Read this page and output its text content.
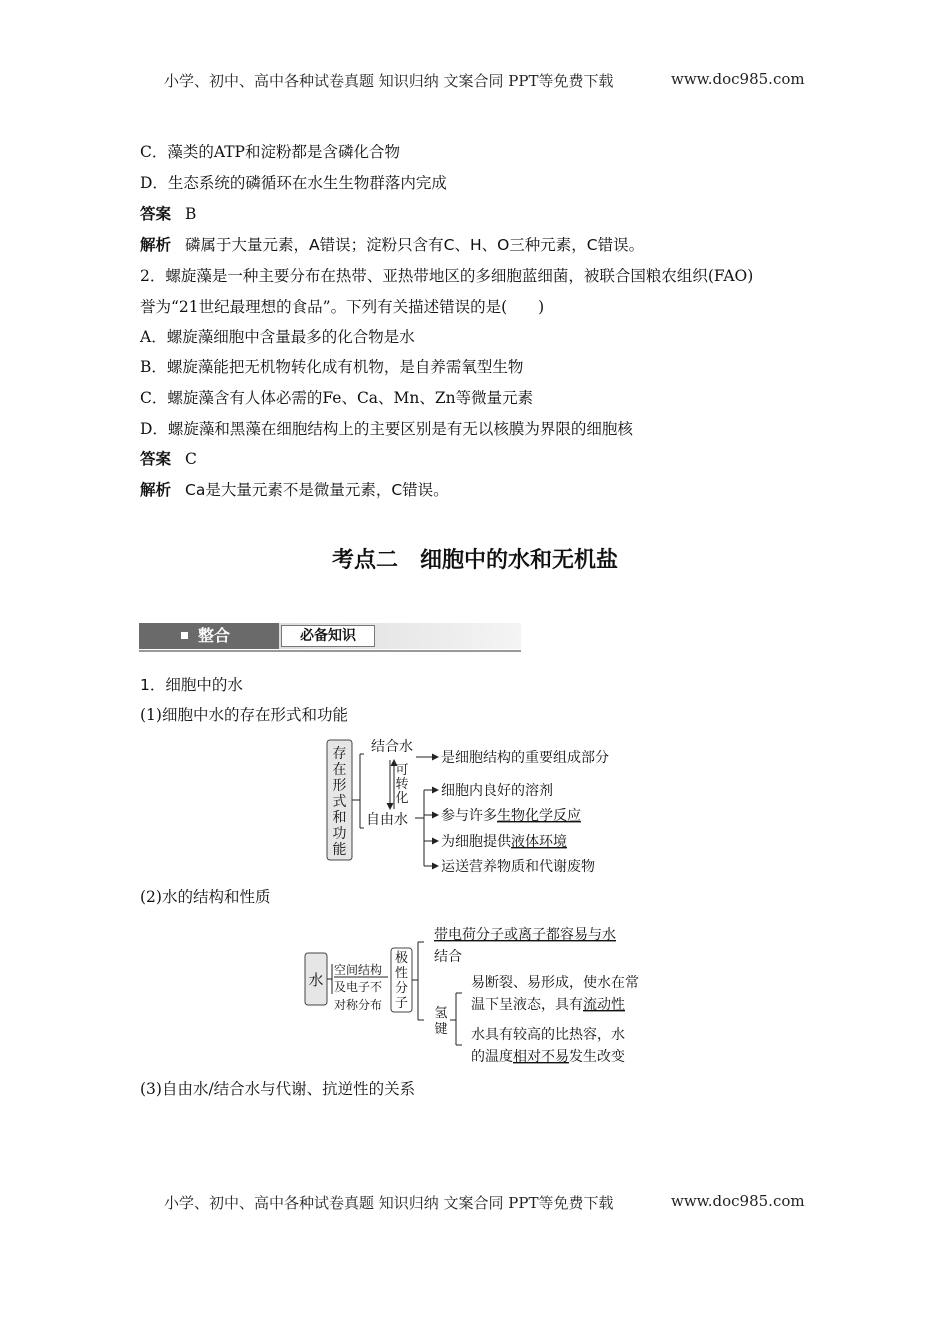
小学、初中、高中各种试卷真题 知识归纳 文案合同 PPT等免费下载	www.doc985.com
C．藻类的ATP和淀粉都是含磷化合物
D．生态系统的磷循环在水生生物群落内完成
答案 B
解析 磷属于大量元素，A错误；淀粉只含有C、H、O三种元素，C错误。
2．螺旋藻是一种主要分布在热带、亚热带地区的多细胞蓝细菌，被联合国粮农组织(FAO)
誉为“21世纪最理想的食品”。下列有关描述错误的是(　　)
A．螺旋藻细胞中含量最多的化合物是水
B．螺旋藻能把无机物转化成有机物，是自养需氧型生物
C．螺旋藻含有人体必需的Fe、Ca、Mn、Zn等微量元素
D．螺旋藻和黑藻在细胞结构上的主要区别是有无以核膜为界限的细胞核
答案 C
解析 Ca是大量元素不是微量元素，C错误。
考点二　细胞中的水和无机盐
整合	必备知识
1．细胞中的水
(1)细胞中水的存在形式和功能
(2)水的结构和性质
(3)自由水/结合水与代谢、抗逆性的关系
存
在
形
式
和
功
能
结合水
自由水
是细胞结构的重要组成部分
可
转
化 细胞内良好的溶剂
参与许多生物化学反应
为细胞提供液体环境
运送营养物质和代谢废物
水
空间结构
及电子不
对称分布
极
性
分
子
带电荷分子或离子都容易与水
结合
氢
键
易断裂、易形成，使水在常
温下呈液态，具有流动性
水具有较高的比热容，水
的温度相对不易发生改变
小学、初中、高中各种试卷真题 知识归纳 文案合同 PPT等免费下载	www.doc985.com
